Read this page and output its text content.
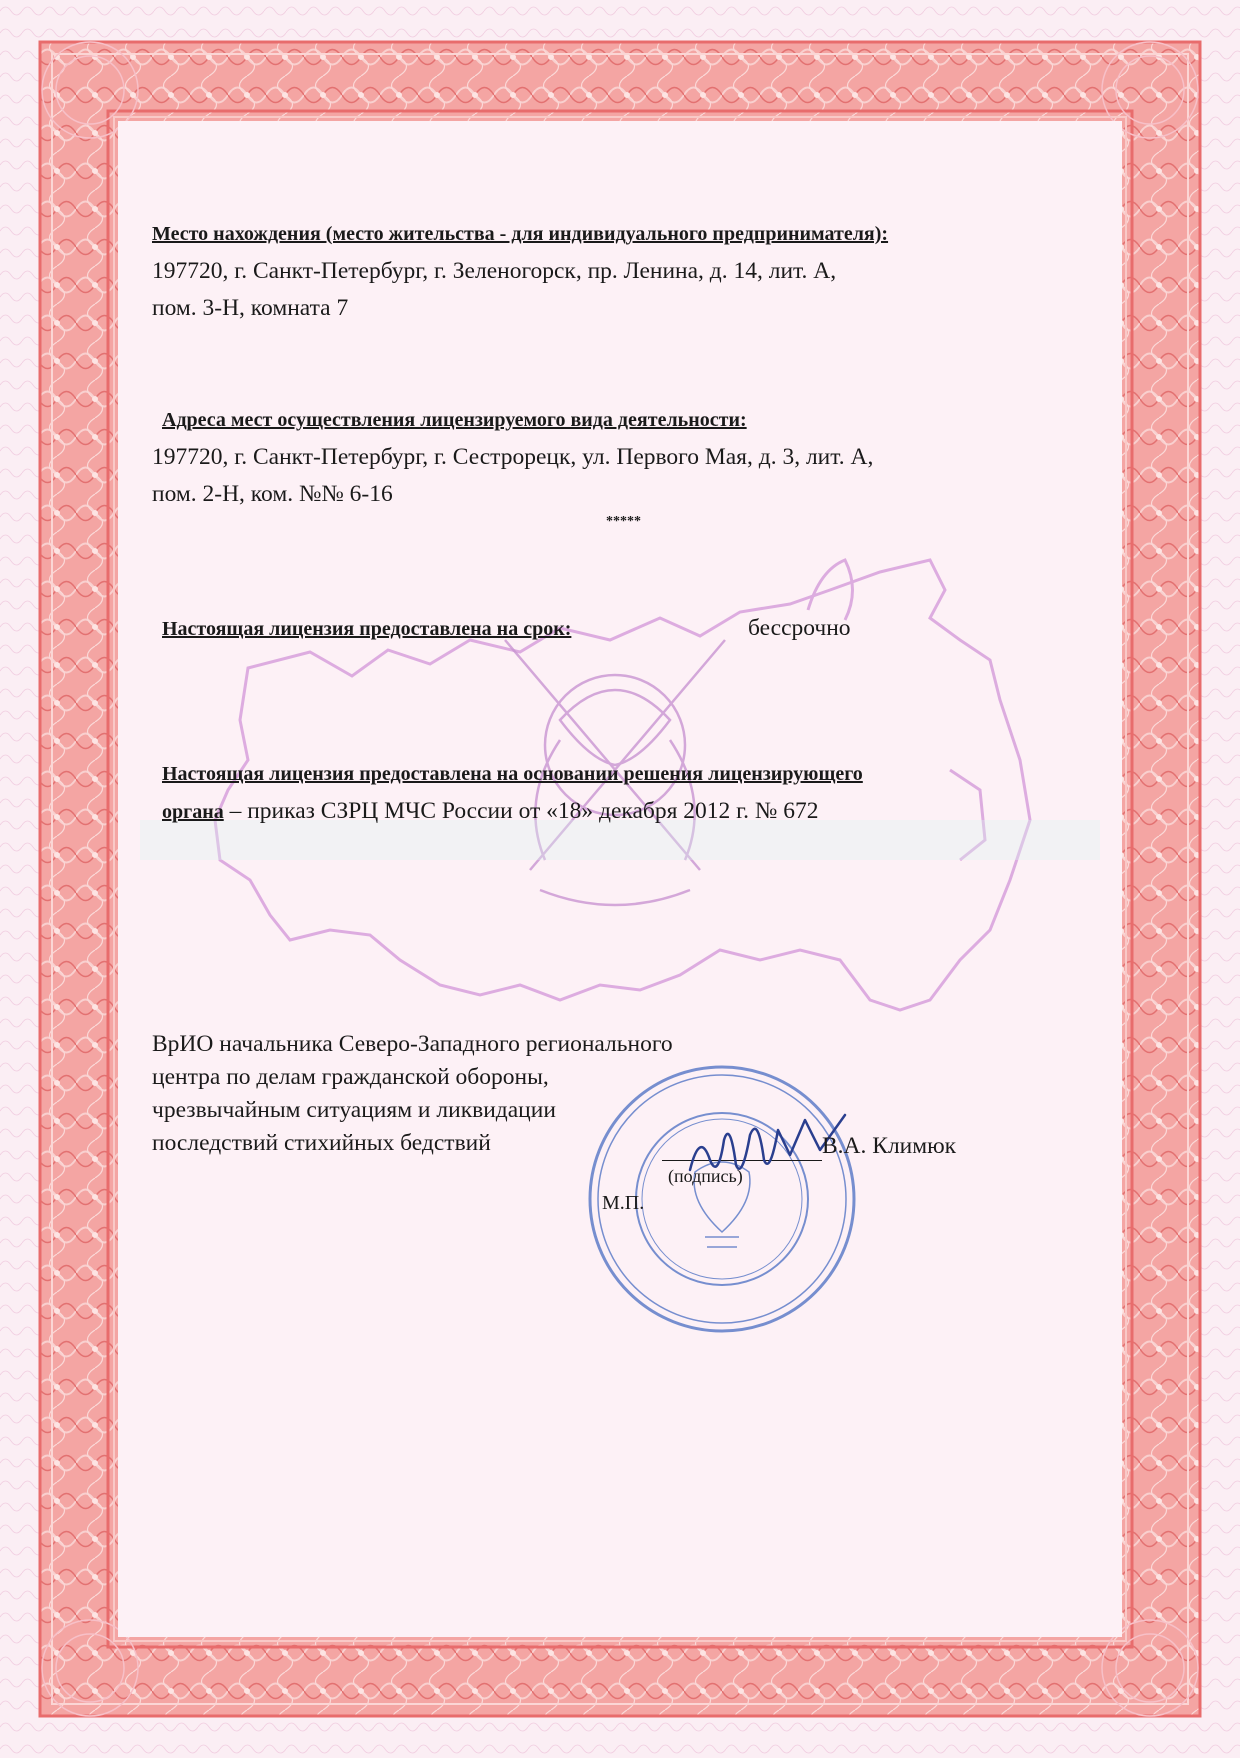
Место нахождения (место жительства - для индивидуального предпринимателя):
197720, г. Санкт-Петербург, г. Зеленогорск, пр. Ленина, д. 14, лит. А,
пом. 3-Н, комната 7
Адреса мест осуществления лицензируемого вида деятельности:
197720, г. Санкт-Петербург, г. Сестрорецк, ул. Первого Мая, д. 3, лит. А,
пом. 2-Н, ком. №№ 6-16
*****
Настоящая лицензия предоставлена на срок:	бессрочно
Настоящая лицензия предоставлена на основании решения лицензирующего
органа – приказ СЗРЦ МЧС России от «18» декабря 2012 г. № 672
ВрИО начальника Северо-Западного регионального
центра по делам гражданской обороны,
чрезвычайным ситуациям и ликвидации
последствий стихийных бедствий	В.А. Климюк
(подпись)
М.П.
